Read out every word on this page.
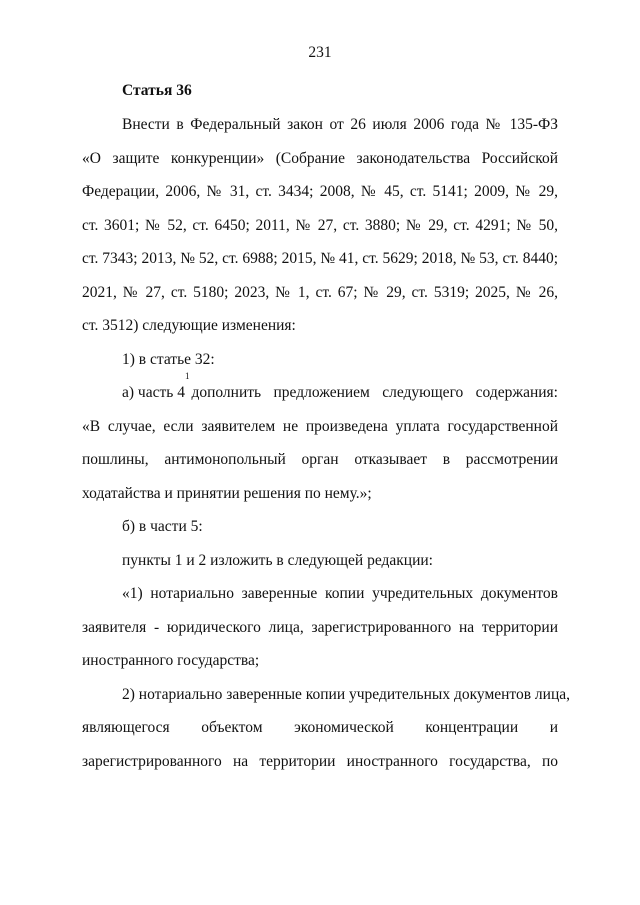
231
Статья 36
Внести в Федеральный закон от 26 июля 2006 года № 135-ФЗ
«О защите конкуренции» (Собрание законодательства Российской
Федерации, 2006, № 31, ст. 3434; 2008, № 45, ст. 5141; 2009, № 29,
ст. 3601; № 52, ст. 6450; 2011, № 27, ст. 3880; № 29, ст. 4291; № 50,
ст. 7343; 2013, № 52, ст. 6988; 2015, № 41, ст. 5629; 2018, № 53, ст. 8440;
2021, № 27, ст. 5180; 2023, № 1, ст. 67; № 29, ст. 5319; 2025, № 26,
ст. 3512) следующие изменения:
1) в статье 32:
а) часть 4
1
дополнить предложением следующего содержания:
«В случае, если заявителем не произведена уплата государственной
пошлины, антимонопольный орган отказывает в рассмотрении
ходатайства и принятии решения по нему.»;
б) в части 5:
пункты 1 и 2 изложить в следующей редакции:
«1) нотариально заверенные копии учредительных документов
заявителя - юридического лица, зарегистрированного на территории
иностранного государства;
2) нотариально заверенные копии учредительных документов лица,
являющегося объектом экономической концентрации и
зарегистрированного на территории иностранного государства, по
